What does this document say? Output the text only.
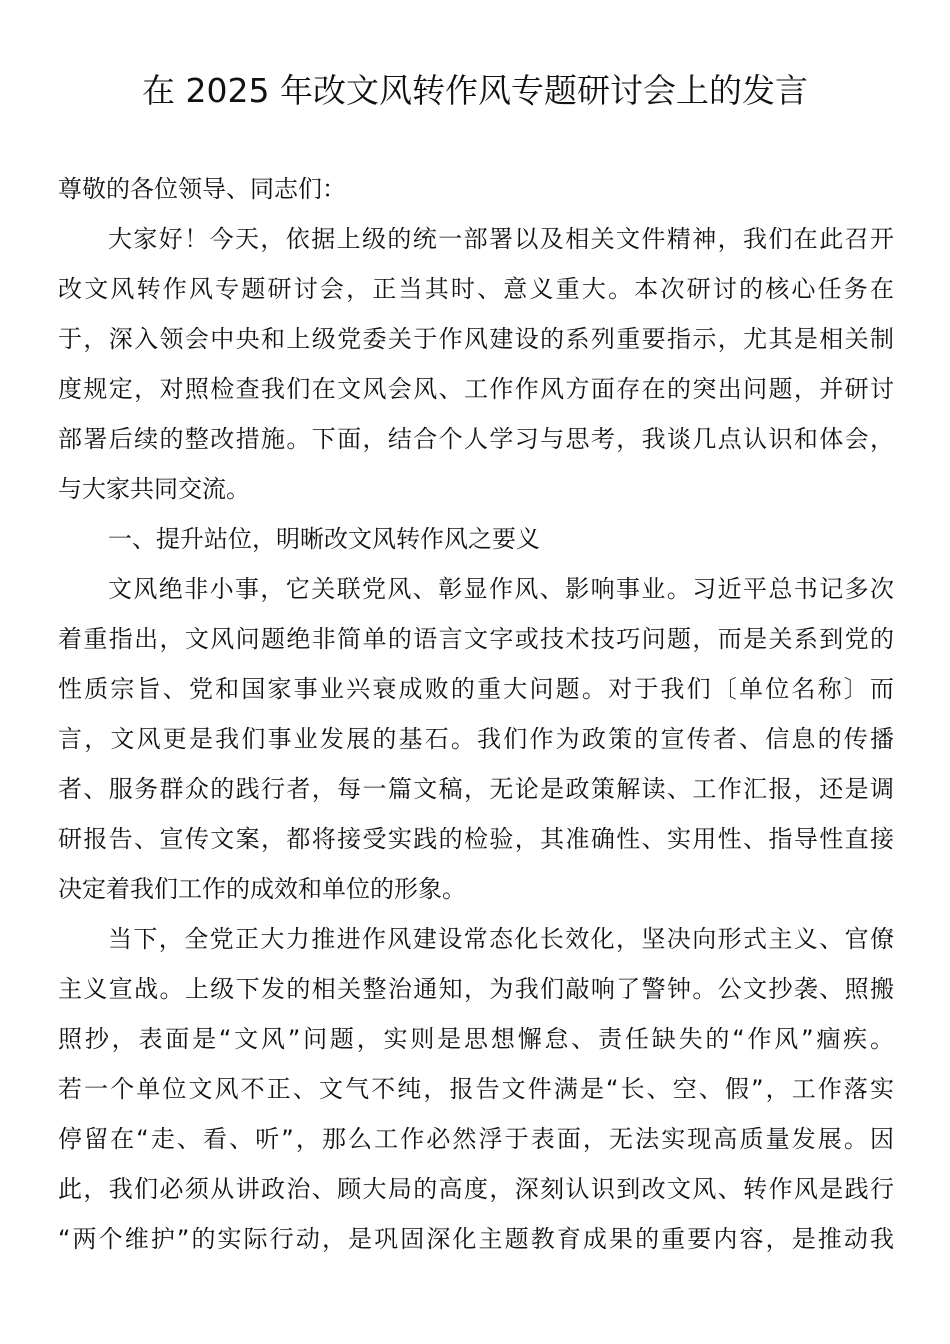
在 2025 年改文风转作风专题研讨会上的发言
尊敬的各位领导、同志们：
大家好！今天，依据上级的统一部署以及相关文件精神，我们在此召开
改文风转作风专题研讨会，正当其时、意义重大。本次研讨的核心任务在
于，深入领会中央和上级党委关于作风建设的系列重要指示，尤其是相关制
度规定，对照检查我们在文风会风、工作作风方面存在的突出问题，并研讨
部署后续的整改措施。下面，结合个人学习与思考，我谈几点认识和体会，
与大家共同交流。
一、提升站位，明晰改文风转作风之要义
文风绝非小事，它关联党风、彰显作风、影响事业。习近平总书记多次
着重指出，文风问题绝非简单的语言文字或技术技巧问题，而是关系到党的
性质宗旨、党和国家事业兴衰成败的重大问题。对于我们〔单位名称〕而
言，文风更是我们事业发展的基石。我们作为政策的宣传者、信息的传播
者、服务群众的践行者，每一篇文稿，无论是政策解读、工作汇报，还是调
研报告、宣传文案，都将接受实践的检验，其准确性、实用性、指导性直接
决定着我们工作的成效和单位的形象。
当下，全党正大力推进作风建设常态化长效化，坚决向形式主义、官僚
主义宣战。上级下发的相关整治通知，为我们敲响了警钟。公文抄袭、照搬
照抄，表面是“文风”问题，实则是思想懈怠、责任缺失的“作风”痼疾。
若一个单位文风不正、文气不纯，报告文件满是“长、空、假”，工作落实
停留在“走、看、听”，那么工作必然浮于表面，无法实现高质量发展。因
此，我们必须从讲政治、顾大局的高度，深刻认识到改文风、转作风是践行
“两个维护”的实际行动，是巩固深化主题教育成果的重要内容，是推动我
